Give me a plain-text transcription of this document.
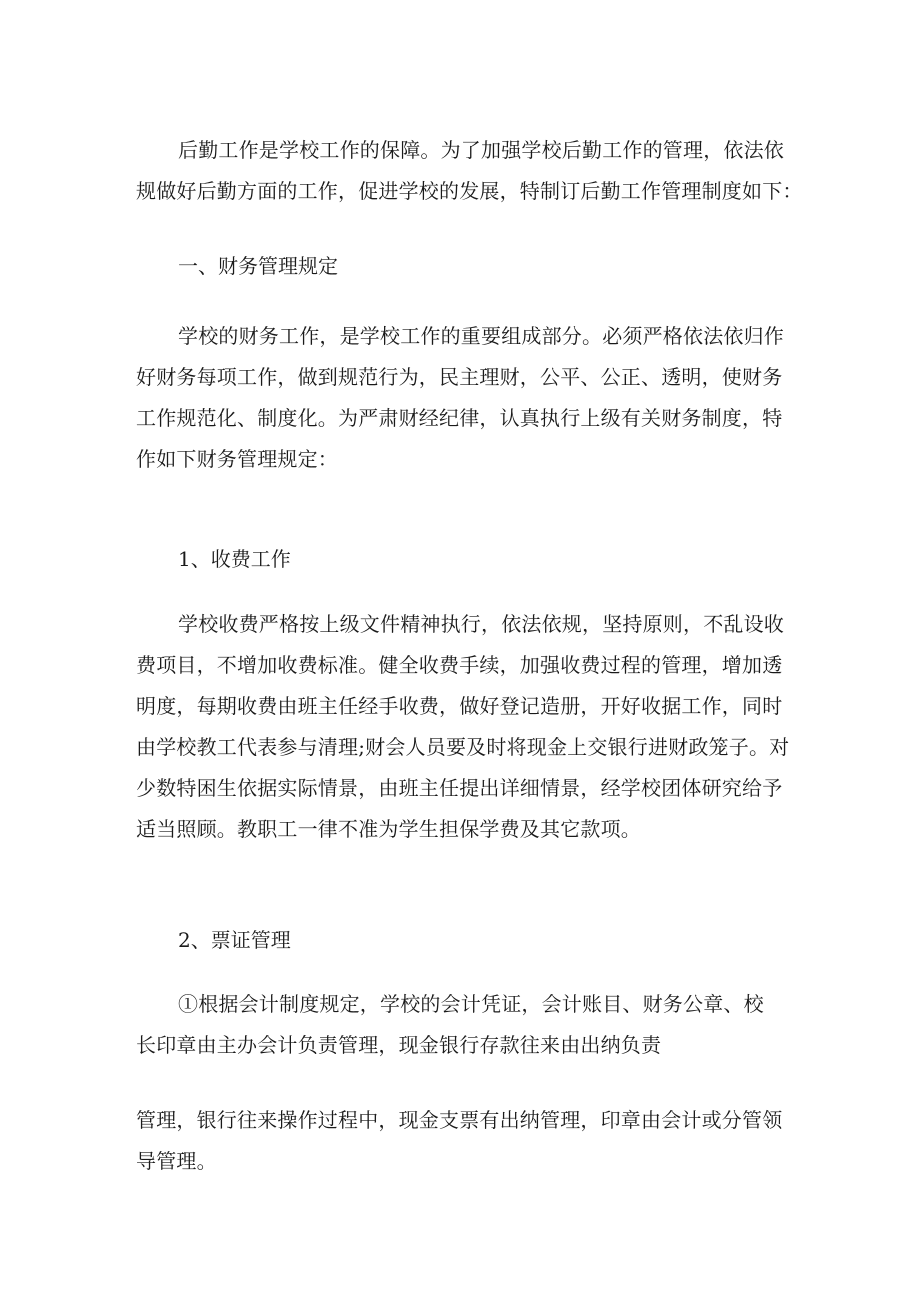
后勤工作是学校工作的保障。为了加强学校后勤工作的管理，依法依
规做好后勤方面的工作，促进学校的发展，特制订后勤工作管理制度如下：

一、财务管理规定

学校的财务工作，是学校工作的重要组成部分。必须严格依法依归作
好财务每项工作，做到规范行为，民主理财，公平、公正、透明，使财务
工作规范化、制度化。为严肃财经纪律，认真执行上级有关财务制度，特
作如下财务管理规定：

1、收费工作

学校收费严格按上级文件精神执行，依法依规，坚持原则，不乱设收
费项目，不增加收费标准。健全收费手续，加强收费过程的管理，增加透
明度，每期收费由班主任经手收费，做好登记造册，开好收据工作，同时
由学校教工代表参与清理;财会人员要及时将现金上交银行进财政笼子。对
少数特困生依据实际情景，由班主任提出详细情景，经学校团体研究给予
适当照顾。教职工一律不准为学生担保学费及其它款项。

2、票证管理

①根据会计制度规定，学校的会计凭证，会计账目、财务公章、校
长印章由主办会计负责管理，现金银行存款往来由出纳负责

管理，银行往来操作过程中，现金支票有出纳管理，印章由会计或分管领
导管理。
